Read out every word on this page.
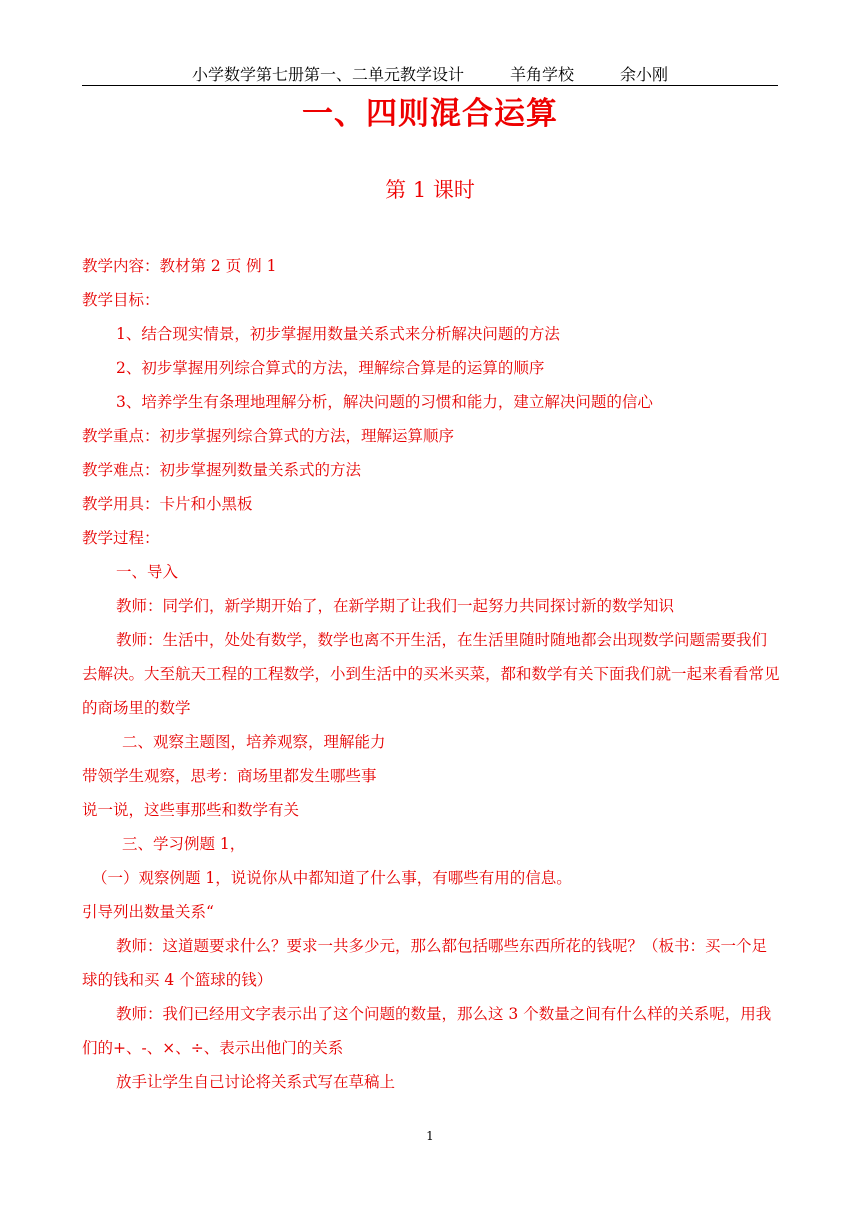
小学数学第七册第一、二单元教学设计	羊角学校	余小刚
一、四则混合运算
第 1 课时

教学内容：教材第 2 页 例 1

教学目标：

1、结合现实情景，初步掌握用数量关系式来分析解决问题的方法

2、初步掌握用列综合算式的方法，理解综合算是的运算的顺序

3、培养学生有条理地理解分析，解决问题的习惯和能力，建立解决问题的信心

教学重点：初步掌握列综合算式的方法，理解运算顺序

教学难点：初步掌握列数量关系式的方法

教学用具：卡片和小黑板

教学过程：

一、导入

教师：同学们，新学期开始了，在新学期了让我们一起努力共同探讨新的数学知识

教师：生活中，处处有数学，数学也离不开生活，在生活里随时随地都会出现数学问题需要我们去解决。大至航天工程的工程数学，小到生活中的买米买菜，都和数学有关下面我们就一起来看看常见的商场里的数学

二、观察主题图，培养观察，理解能力

带领学生观察，思考：商场里都发生哪些事

说一说，这些事那些和数学有关

三、学习例题 1，

（一）观察例题 1，说说你从中都知道了什么事，有哪些有用的信息。

引导列出数量关系“

教师：这道题要求什么？要求一共多少元，那么都包括哪些东西所花的钱呢？（板书：买一个足球的钱和买 4 个篮球的钱）

教师：我们已经用文字表示出了这个问题的数量，那么这 3 个数量之间有什么样的关系呢，用我们的+、-、×、÷、表示出他门的关系

放手让学生自己讨论将关系式写在草稿上

1
